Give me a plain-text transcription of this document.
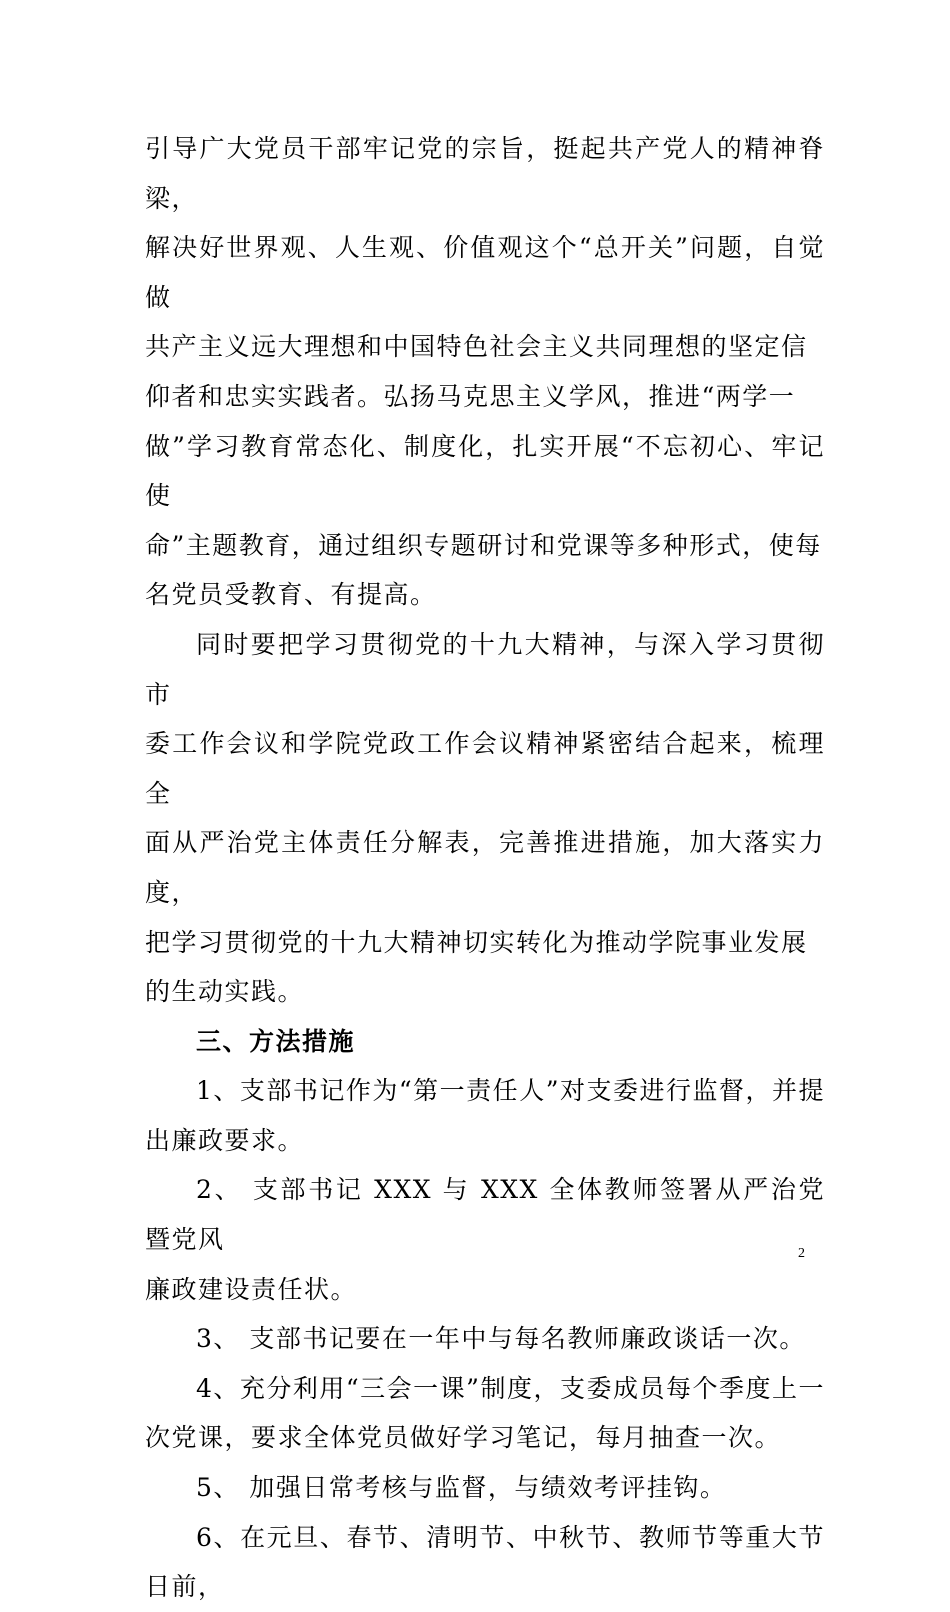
引导广大党员干部牢记党的宗旨，挺起共产党人的精神脊梁，
解决好世界观、人生观、价值观这个“总开关”问题，自觉做
共产主义远大理想和中国特色社会主义共同理想的坚定信
仰者和忠实实践者。弘扬马克思主义学风，推进“两学一
做”学习教育常态化、制度化，扎实开展“不忘初心、牢记使
命”主题教育，通过组织专题研讨和党课等多种形式，使每
名党员受教育、有提高。

同时要把学习贯彻党的十九大精神，与深入学习贯彻市
委工作会议和学院党政工作会议精神紧密结合起来，梳理全
面从严治党主体责任分解表，完善推进措施，加大落实力度，
把学习贯彻党的十九大精神切实转化为推动学院事业发展
的生动实践。

三、方法措施

1、支部书记作为“第一责任人”对支委进行监督，并提
出廉政要求。

2、 支部书记 XXX 与 XXX 全体教师签署从严治党暨党风
廉政建设责任状。

3、 支部书记要在一年中与每名教师廉政谈话一次。

4、充分利用“三会一课”制度，支委成员每个季度上一
次党课，要求全体党员做好学习笔记，每月抽查一次。

5、 加强日常考核与监督，与绩效考评挂钩。

6、在元旦、春节、清明节、中秋节、教师节等重大节日前，

2
